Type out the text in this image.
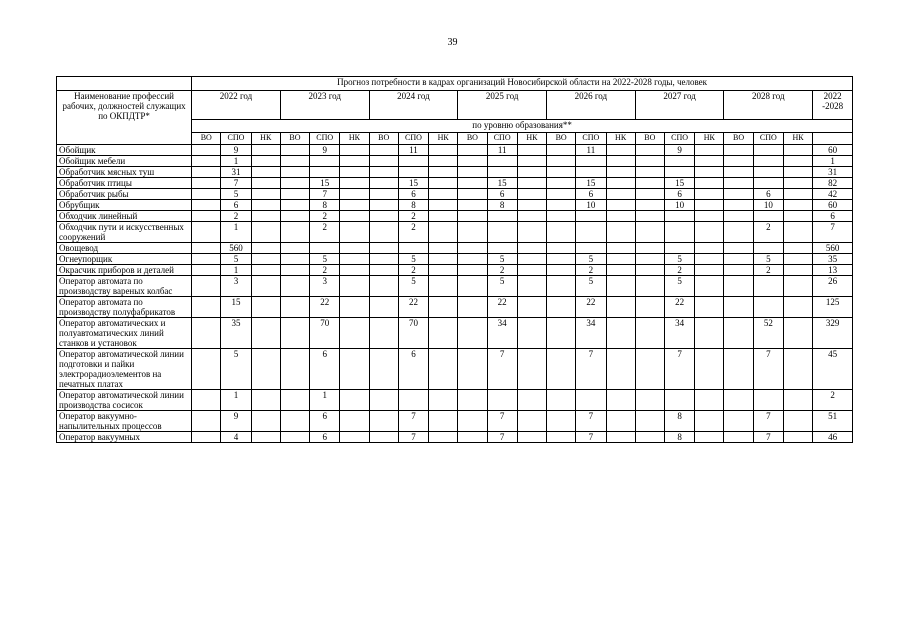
39
	Прогноз потребности в кадрах организаций Новосибирской области на 2022-2028 годы, человек																					
Наименование профессий рабочих, должностей служащих по ОКПДТР*	2022 год			2023 год			2024 год			2025 год			2026 год			2027 год			2028 год			2022 -2028
	по уровню образования**																					
	ВО	СПО	НК	ВО	СПО	НК	ВО	СПО	НК	ВО	СПО	НК	ВО	СПО	НК	ВО	СПО	НК	ВО	СПО	НК	
Обойщик		9			9			11			11			11			9					60
Обойщик мебели		1																				1
Обработчик мясных туш		31																				31
Обработчик птицы		7			15			15			15			15			15					82
Обработчик рыбы		5			7			6			6			6			6			6		42
Обрубщик		6			8			8			8			10			10			10		60
Обходчик линейный		2			2			2														6
Обходчик пути и искусственных сооружений		1			2			2												2		7
Овощевод		560																				560
Огнеупорщик		5			5			5			5			5			5			5		35
Окрасчик приборов и деталей		1			2			2			2			2			2			2		13
Оператор автомата по производству вареных колбас		3			3			5			5			5			5					26
Оператор автомата по производству полуфабрикатов		15			22			22			22			22			22					125
Оператор автоматических и полуавтоматических линий станков и установок		35			70			70			34			34			34			52		329
Оператор автоматической линии подготовки и пайки электрорадиоэлементов на печатных платах		5			6			6			7			7			7			7		45
Оператор автоматической линии производства сосисок		1			1																	2
Оператор вакуумно-напылительных процессов		9			6			7			7			7			8			7		51
Оператор вакуумных		4			6			7			7			7			8			7		46
